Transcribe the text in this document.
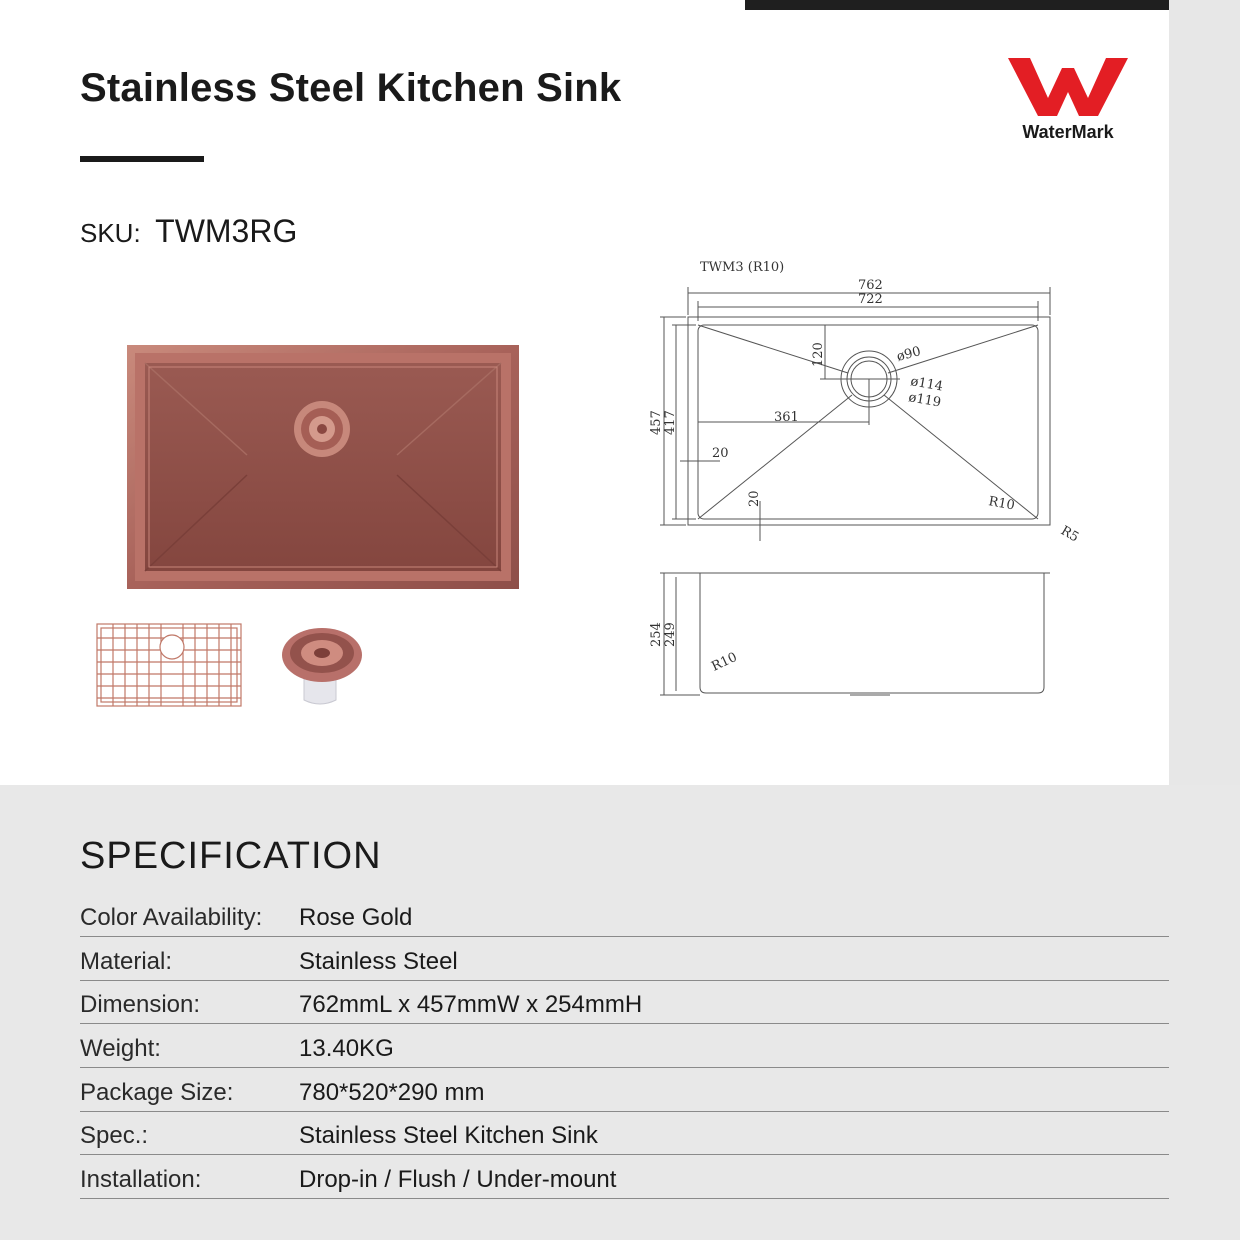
Stainless Steel Kitchen Sink
SKU: TWM3RG
WaterMark
TWM3 (R10)
762
722
457 417
120
361
ø90
ø114
ø119
20
20	R10
R5
254 249
R10
SPECIFICATION
Color Availability: Rose Gold
Material:	Stainless Steel
Dimension:	762mmL x 457mmW x 254mmH
Weight:	13.40KG
Package Size:	780*520*290 mm
Spec.:	Stainless Steel Kitchen Sink
Installation:	Drop-in / Flush / Under-mount
